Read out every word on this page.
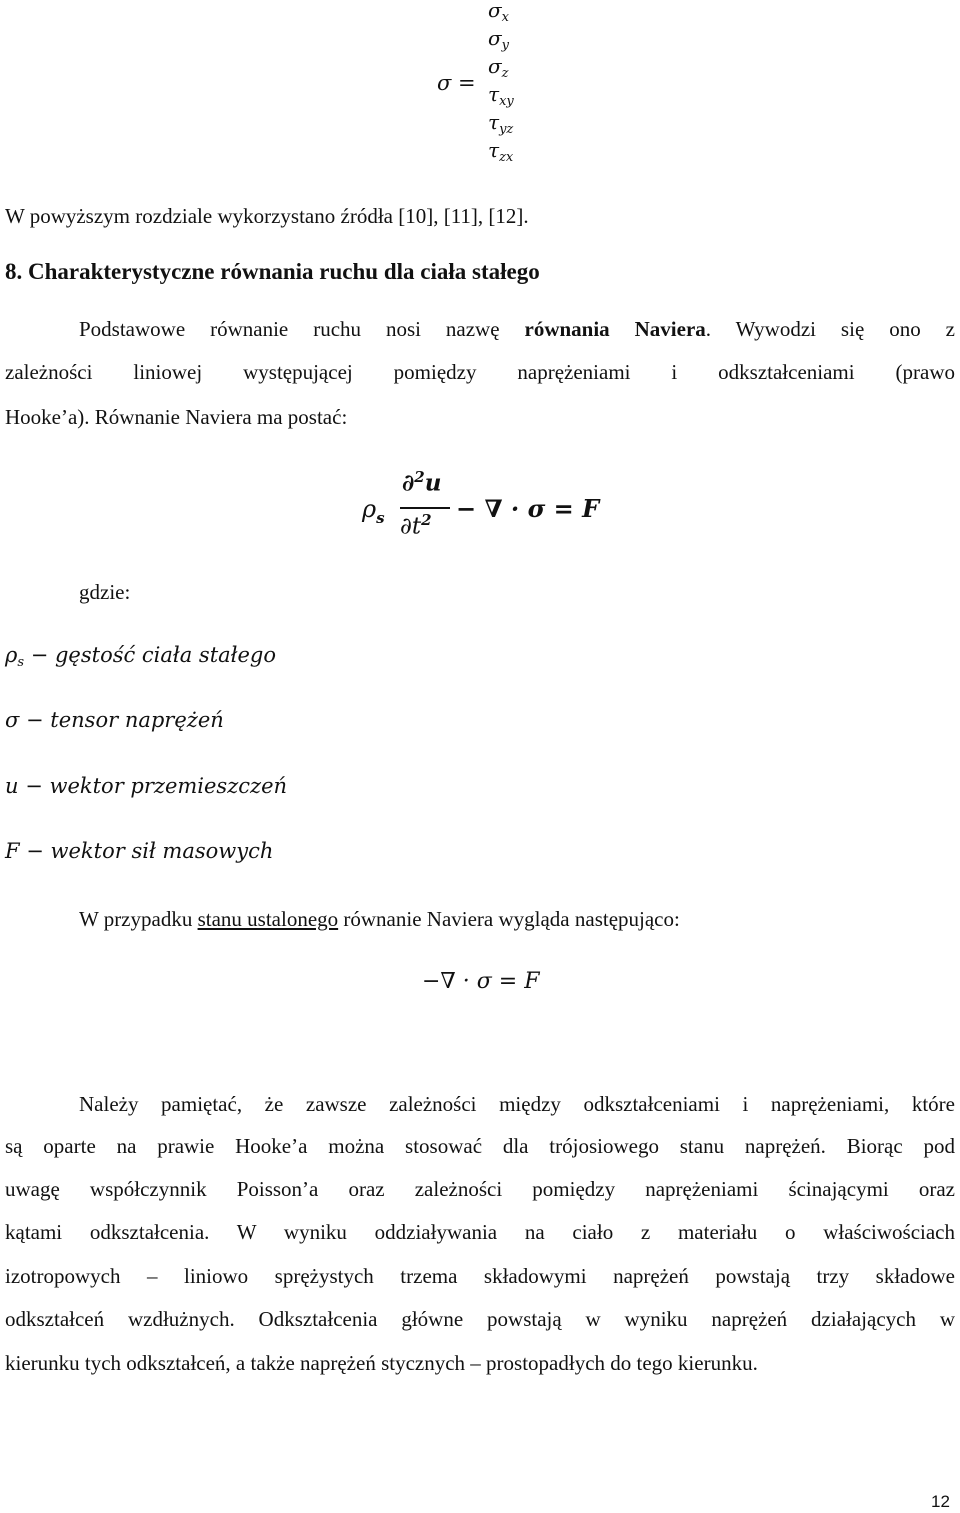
σ =
$\sigma_x$
$\sigma_y$
$\sigma_z$
$\tau_{xy}$
$\tau_{yz}$
$\tau_{zx}$
W powyższym rozdziale wykorzystano źródła [10], [11], [12].
8. Charakterystyczne równania ruchu dla ciała stałego
Podstawowe równanie ruchu nosi nazwę równania Naviera. Wywodzi się ono z
zależności liniowej występującej pomiędzy naprężeniami i odkształceniami (prawo
Hooke’a). Równanie Naviera ma postać:
$\rho_s$
∂$^2$u
$\partial t^2$ − ∇ · σ = F
gdzie:
$\rho_s$ − gęstość ciała stałego
σ − tensor naprężeń
u − wektor przemieszczeń
F − wektor sił masowych
W przypadku stanu ustalonego równanie Naviera wygląda następująco:
−∇ · σ = F
Należy pamiętać, że zawsze zależności między odkształceniami i naprężeniami, które
są oparte na prawie Hooke’a można stosować dla trójosiowego stanu naprężeń. Biorąc pod
uwagę współczynnik Poisson’a oraz zależności pomiędzy naprężeniami ścinającymi oraz
kątami odkształcenia. W wyniku oddziaływania na ciało z materiału o właściwościach
izotropowych – liniowo sprężystych trzema składowymi naprężeń powstają trzy składowe
odkształceń wzdłużnych. Odkształcenia główne powstają w wyniku naprężeń działających w
kierunku tych odkształceń, a także naprężeń stycznych – prostopadłych do tego kierunku.
12
